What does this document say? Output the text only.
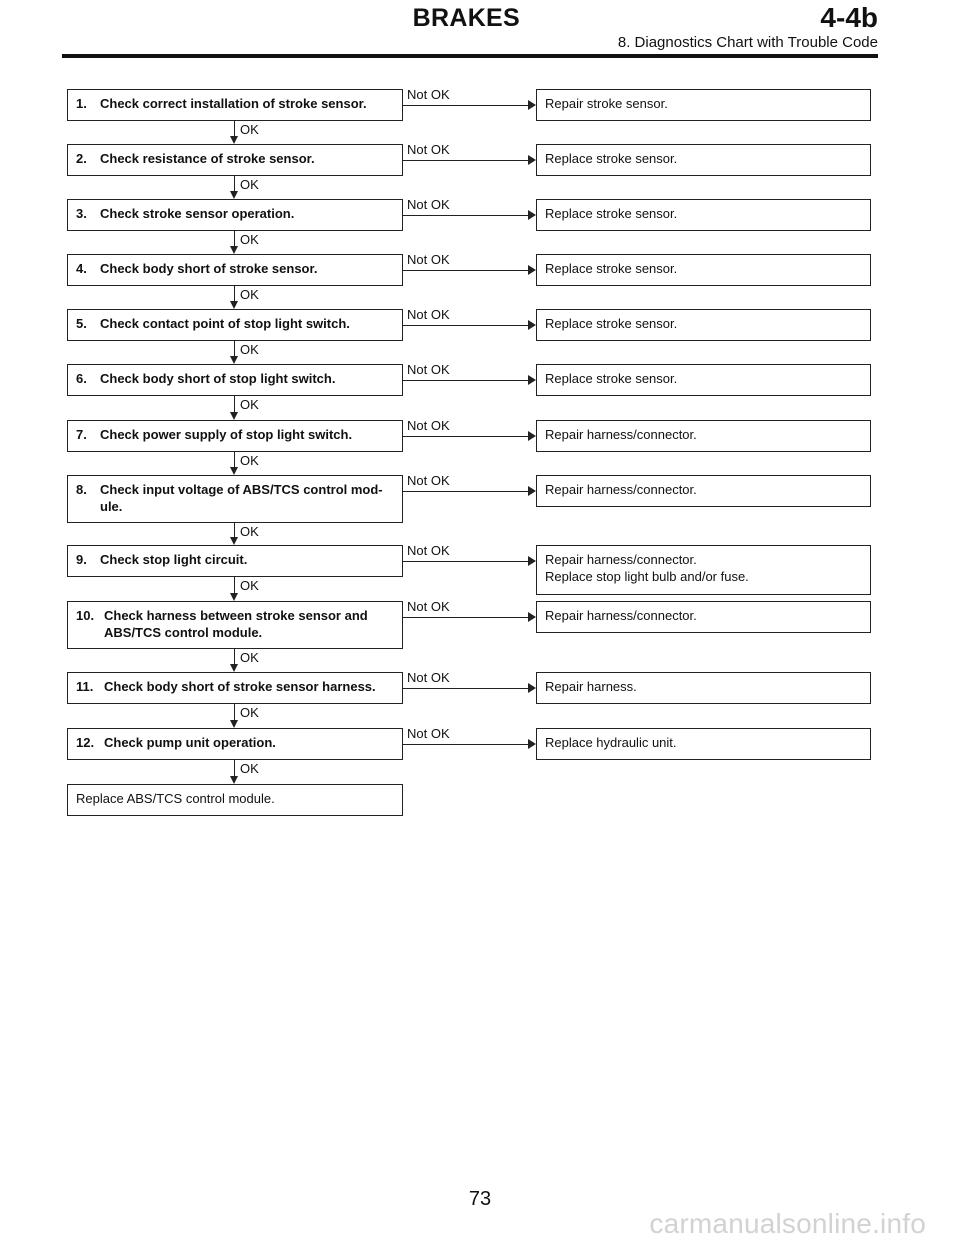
BRAKES	4-4b
8. Diagnostics Chart with Trouble Code
1. Check correct installation of stroke sensor.
Not OK
Repair stroke sensor.
OK
2. Check resistance of stroke sensor.
Not OK
Replace stroke sensor.
OK
3. Check stroke sensor operation.
Not OK
Replace stroke sensor.
OK
4. Check body short of stroke sensor.
Not OK
Replace stroke sensor.
OK
5. Check contact point of stop light switch.
Not OK
Replace stroke sensor.
OK
6. Check body short of stop light switch.
Not OK
Replace stroke sensor.
OK
7. Check power supply of stop light switch.
Not OK
Repair harness/connector.
OK
8. Check input voltage of ABS/TCS control mod-
ule.
Not OK
Repair harness/connector.
OK
9. Check stop light circuit.
Not OK
Repair harness/connector.
Replace stop light bulb and/or fuse.
OK
10. Check harness between stroke sensor and
ABS/TCS control module.
Not OK
Repair harness/connector.
OK
11. Check body short of stroke sensor harness.
Not OK
Repair harness.
OK
12. Check pump unit operation.
Not OK
Replace hydraulic unit.
OK
Replace ABS/TCS control module.
73
carmanualsonline.info
